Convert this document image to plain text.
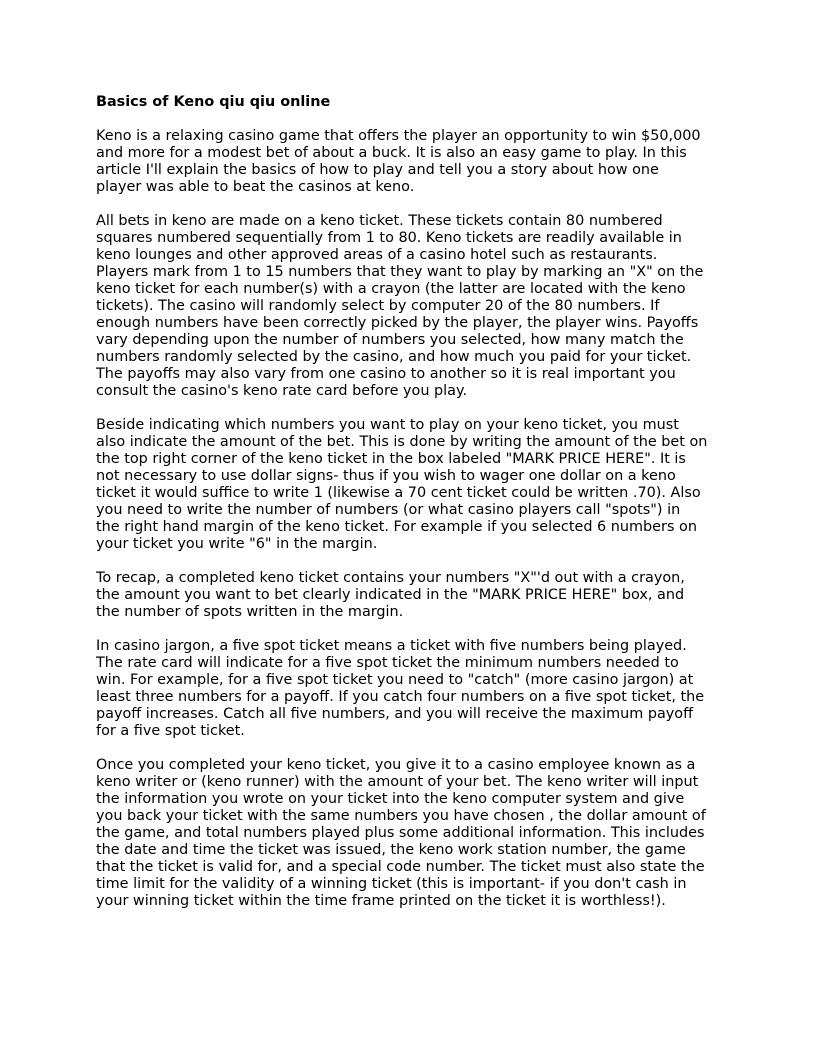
Basics of Keno qiu qiu online
Keno is a relaxing casino game that offers the player an opportunity to win $50,000
and more for a modest bet of about a buck. It is also an easy game to play. In this
article I'll explain the basics of how to play and tell you a story about how one
player was able to beat the casinos at keno.
All bets in keno are made on a keno ticket. These tickets contain 80 numbered
squares numbered sequentially from 1 to 80. Keno tickets are readily available in
keno lounges and other approved areas of a casino hotel such as restaurants.
Players mark from 1 to 15 numbers that they want to play by marking an "X" on the
keno ticket for each number(s) with a crayon (the latter are located with the keno
tickets). The casino will randomly select by computer 20 of the 80 numbers. If
enough numbers have been correctly picked by the player, the player wins. Payoffs
vary depending upon the number of numbers you selected, how many match the
numbers randomly selected by the casino, and how much you paid for your ticket.
The payoffs may also vary from one casino to another so it is real important you
consult the casino's keno rate card before you play.
Beside indicating which numbers you want to play on your keno ticket, you must
also indicate the amount of the bet. This is done by writing the amount of the bet on
the top right corner of the keno ticket in the box labeled "MARK PRICE HERE". It is
not necessary to use dollar signs- thus if you wish to wager one dollar on a keno
ticket it would suffice to write 1 (likewise a 70 cent ticket could be written .70). Also
you need to write the number of numbers (or what casino players call "spots") in
the right hand margin of the keno ticket. For example if you selected 6 numbers on
your ticket you write "6" in the margin.
To recap, a completed keno ticket contains your numbers "X"'d out with a crayon,
the amount you want to bet clearly indicated in the "MARK PRICE HERE" box, and
the number of spots written in the margin.
In casino jargon, a five spot ticket means a ticket with five numbers being played.
The rate card will indicate for a five spot ticket the minimum numbers needed to
win. For example, for a five spot ticket you need to "catch" (more casino jargon) at
least three numbers for a payoff. If you catch four numbers on a five spot ticket, the
payoff increases. Catch all five numbers, and you will receive the maximum payoff
for a five spot ticket.
Once you completed your keno ticket, you give it to a casino employee known as a
keno writer or (keno runner) with the amount of your bet. The keno writer will input
the information you wrote on your ticket into the keno computer system and give
you back your ticket with the same numbers you have chosen , the dollar amount of
the game, and total numbers played plus some additional information. This includes
the date and time the ticket was issued, the keno work station number, the game
that the ticket is valid for, and a special code number. The ticket must also state the
time limit for the validity of a winning ticket (this is important- if you don't cash in
your winning ticket within the time frame printed on the ticket it is worthless!).
